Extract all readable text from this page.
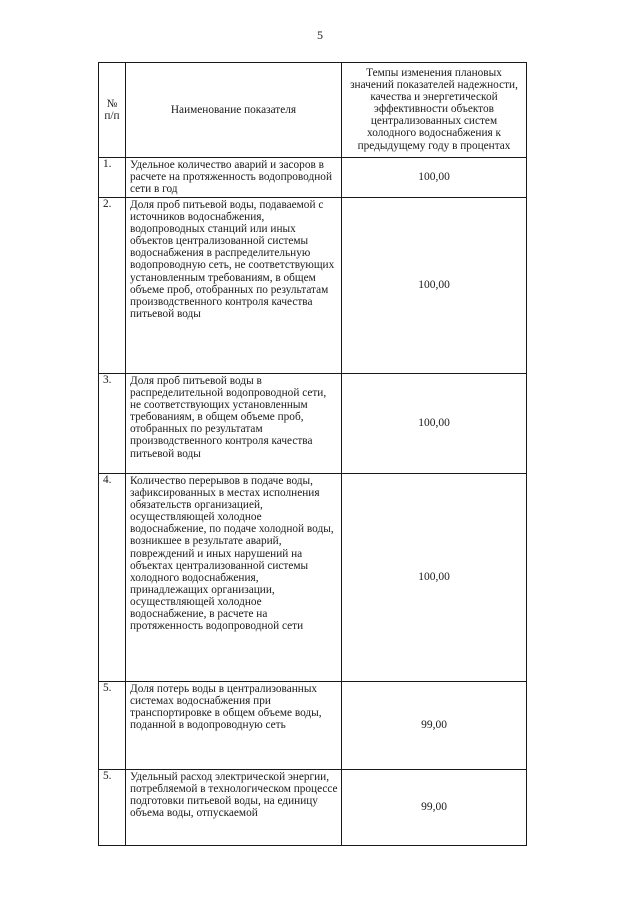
5
№ п/п	Наименование показателя	Темпы изменения плановых значений показателей надежности, качества и энергетической эффективности объектов централизованных систем холодного водоснабжения к предыдущему году в процентах
1.	Удельное количество аварий и засоров в расчете на протяженность водопроводной сети в год	100,00
2.	Доля проб питьевой воды, подаваемой с источников водоснабжения, водопроводных станций или иных объектов централизованной системы водоснабжения в распределительную водопроводную сеть, не соответствующих установленным требованиям, в общем объеме проб, отобранных по результатам производственного контроля качества питьевой воды	100,00
3.	Доля проб питьевой воды в распределительной водопроводной сети, не соответствующих установленным требованиям, в общем объеме проб, отобранных по результатам производственного контроля качества питьевой воды	100,00
4.	Количество перерывов в подаче воды, зафиксированных в местах исполнения обязательств организацией, осуществляющей холодное водоснабжение, по подаче холодной воды, возникшее в результате аварий, повреждений и иных нарушений на объектах централизованной системы холодного водоснабжения, принадлежащих организации, осуществляющей холодное водоснабжение, в расчете на протяженность водопроводной сети	100,00
5.	Доля потерь воды в централизованных системах водоснабжения при транспортировке в общем объеме воды, поданной в водопроводную сеть	99,00
5.	Удельный расход электрической энергии, потребляемой в технологическом процессе подготовки питьевой воды, на единицу объема воды, отпускаемой	99,00
